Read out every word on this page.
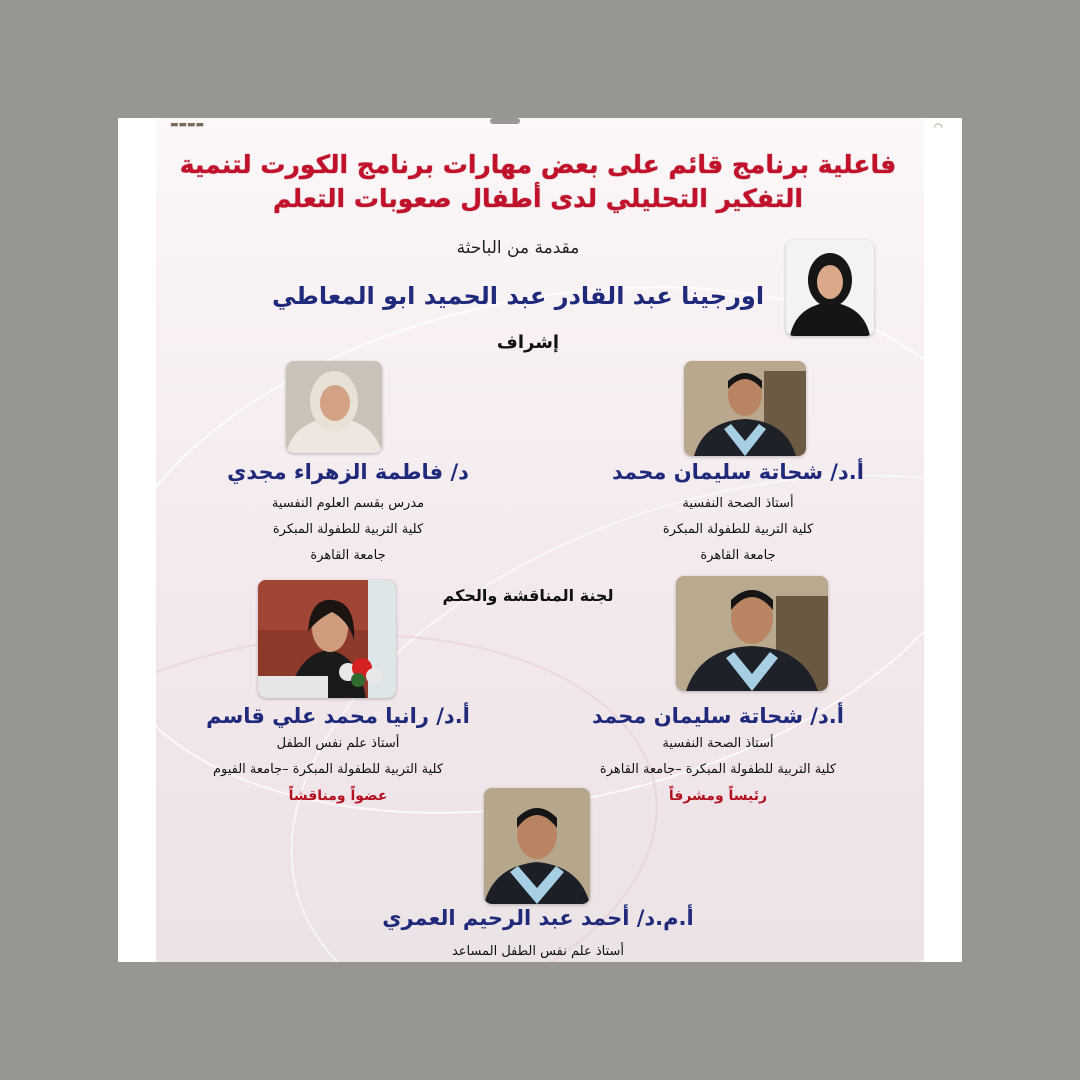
▬▬▬▬	◜◝
فاعلية برنامج قائم على بعض مهارات برنامج الكورت لتنمية
التفكير التحليلي لدى أطفال صعوبات التعلم
مقدمة من الباحثة
اورجينا عبد القادر عبد الحميد ابو المعاطي
إشراف
أ.د/ شحاتة سليمان محمد
أستاذ الصحة النفسية
كلية التربية للطفولة المبكرة
جامعة القاهرة
د/ فاطمة الزهراء مجدي
مدرس بقسم العلوم النفسية
كلية التربية للطفولة المبكرة
جامعة القاهرة
لجنة المناقشة والحكم
أ.د/ شحاتة سليمان محمد
أستاذ الصحة النفسية
كلية التربية للطفولة المبكرة –جامعة القاهرة
رئيساً ومشرفاً
أ.د/ رانيا محمد علي قاسم
أستاذ علم نفس الطفل
كلية التربية للطفولة المبكرة –جامعة الفيوم
عضواً ومناقشاً
أ.م.د/ أحمد عبد الرحيم العمري
أستاذ علم نفس الطفل المساعد
